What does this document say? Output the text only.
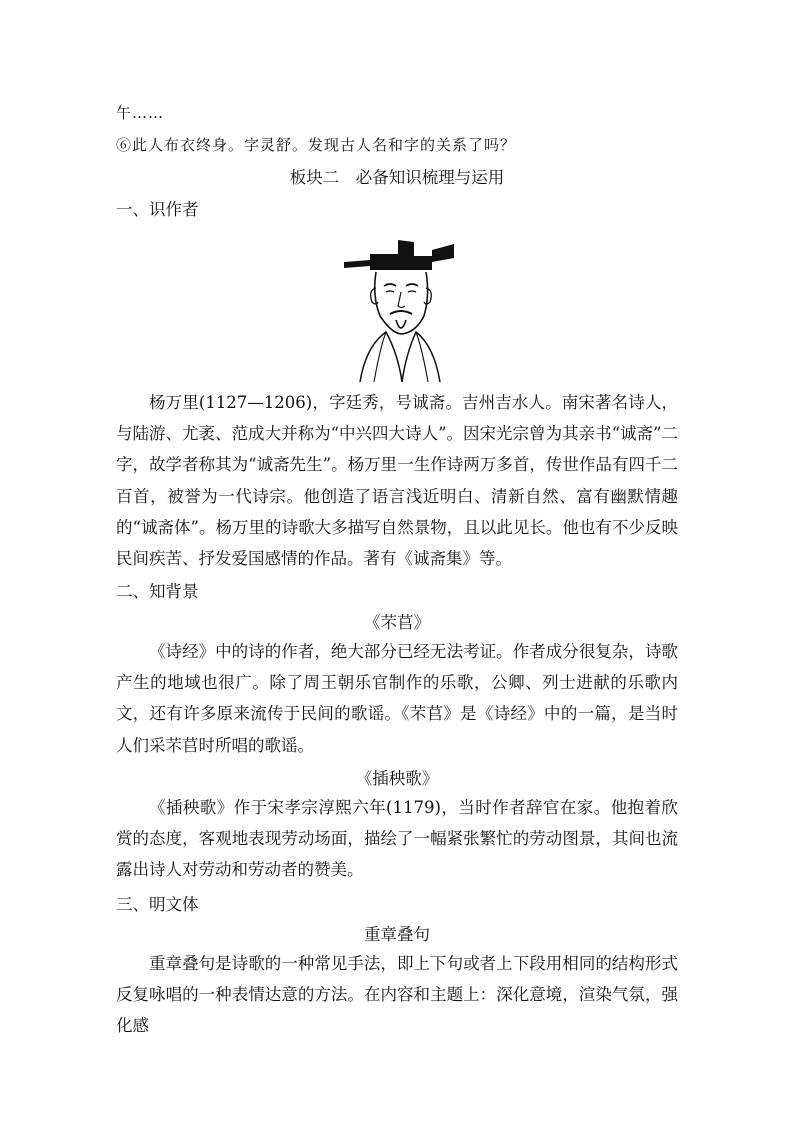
午……
⑥此人布衣终身。字灵舒。发现古人名和字的关系了吗？
板块二　必备知识梳理与运用
一、识作者
杨万里(1127—1206)，字廷秀，号诚斋。吉州吉水人。南宋著名诗人，与陆游、尤袤、范成大并称为“中兴四大诗人”。因宋光宗曾为其亲书“诚斋”二字，故学者称其为“诚斋先生”。杨万里一生作诗两万多首，传世作品有四千二百首，被誉为一代诗宗。他创造了语言浅近明白、清新自然、富有幽默情趣的“诚斋体”。杨万里的诗歌大多描写自然景物，且以此见长。他也有不少反映民间疾苦、抒发爱国感情的作品。著有《诚斋集》等。
二、知背景
《芣苢》
《诗经》中的诗的作者，绝大部分已经无法考证。作者成分很复杂，诗歌产生的地域也很广。除了周王朝乐官制作的乐歌，公卿、列士进献的乐歌内文，还有许多原来流传于民间的歌谣。《芣苢》是《诗经》中的一篇，是当时人们采芣苢时所唱的歌谣。
《插秧歌》
《插秧歌》作于宋孝宗淳熙六年(1179)，当时作者辞官在家。他抱着欣赏的态度，客观地表现劳动场面，描绘了一幅紧张繁忙的劳动图景，其间也流露出诗人对劳动和劳动者的赞美。
三、明文体
重章叠句
重章叠句是诗歌的一种常见手法，即上下句或者上下段用相同的结构形式反复咏唱的一种表情达意的方法。在内容和主题上：深化意境，渲染气氛，强化感
